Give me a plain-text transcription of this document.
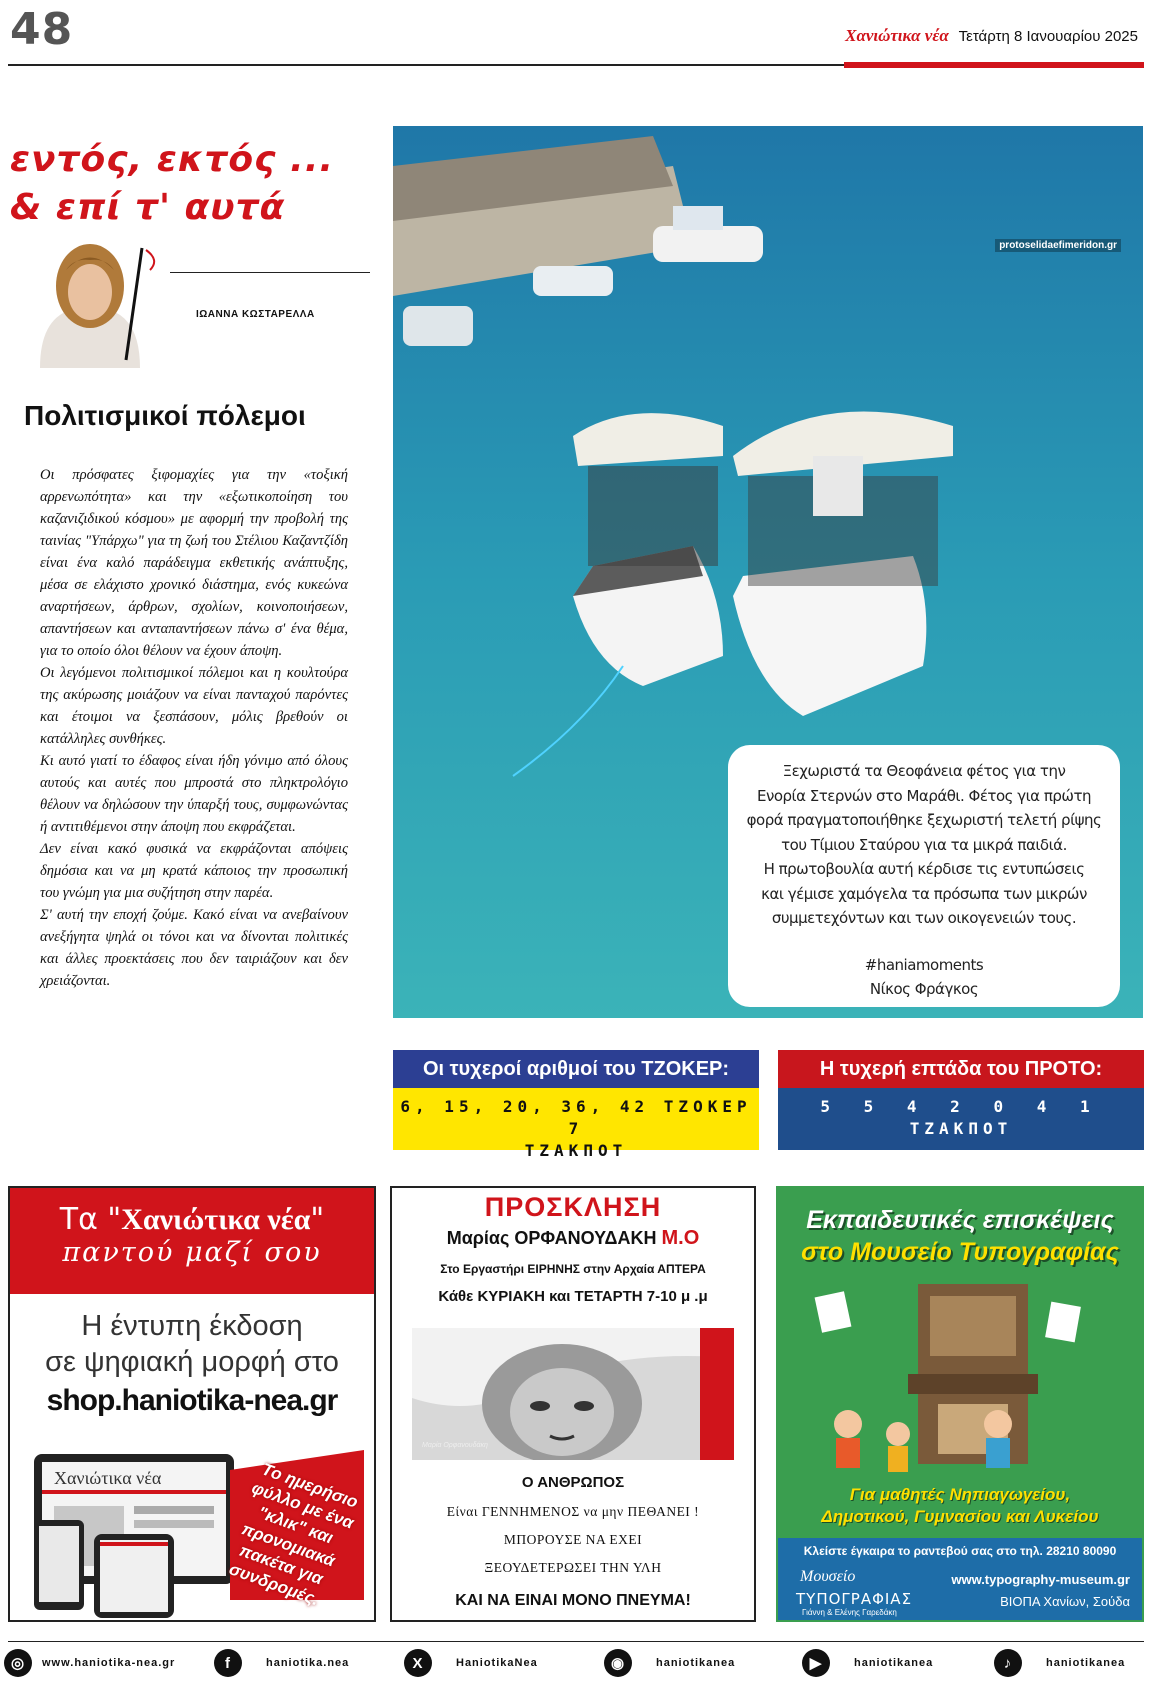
48	Χανιώτικα νέα Τετάρτη 8 Ιανουαρίου 2025
εντός, εκτός ...
& επί τ' αυτά
ΙΩΑΝΝΑ ΚΩΣΤΑΡΕΛΛΑ
Πολιτισμικοί πόλεμοι

Οι πρόσφατες ξιφομαχίες για την «τοξική αρρενωπότητα» και την «εξωτικοποίηση του καζανιζιδικού κόσμου» με αφορμή την προβολή της ταινίας "Υπάρχω" για τη ζωή του Στέλιου Καζαντζίδη είναι ένα καλό παράδειγμα εκθετικής ανάπτυξης, μέσα σε ελάχιστο χρονικό διάστημα, ενός κυκεώνα αναρτήσεων, άρθρων, σχολίων, κοινοποιήσεων, απαντήσεων και ανταπαντήσεων πάνω σ' ένα θέμα, για το οποίο όλοι θέλουν να έχουν άποψη.

Οι λεγόμενοι πολιτισμικοί πόλεμοι και η κουλτούρα της ακύρωσης μοιάζουν να είναι πανταχού παρόντες και έτοιμοι να ξεσπάσουν, μόλις βρεθούν οι κατάλληλες συνθήκες.

Κι αυτό γιατί το έδαφος είναι ήδη γόνιμο από όλους αυτούς και αυτές που μπροστά στο πληκτρολόγιο θέλουν να δηλώσουν την ύπαρξή τους, συμφωνώντας ή αντιτιθέμενοι στην άποψη που εκφράζεται.

Δεν είναι κακό φυσικά να εκφράζονται απόψεις δημόσια και να μη κρατά κάποιος την προσωπική του γνώμη για μια συζήτηση στην παρέα.

Σ' αυτή την εποχή ζούμε. Κακό είναι να ανεβαίνουν ανεξήγητα ψηλά οι τόνοι και να δίνονται πολιτικές και άλλες προεκτάσεις που δεν ταιριάζουν και δεν χρειάζονται.

protoselidaefimeridon.gr
Ξεχωριστά τα Θεοφάνεια φέτος για την
Ενορία Στερνών στο Μαράθι. Φέτος για πρώτη
φορά πραγματοποιήθηκε ξεχωριστή τελετή ρίψης
του Τίμιου Σταύρου για τα μικρά παιδιά.
Η πρωτοβουλία αυτή κέρδισε τις εντυπώσεις
και γέμισε χαμόγελα τα πρόσωπα των μικρών
συμμετεχόντων και των οικογενειών τους.
#haniamoments
Νίκος Φράγκος
Οι τυχεροί αριθμοί του ΤΖΟΚΕΡ:
6, 15, 20, 36, 42 ΤΖΟΚΕΡ 7
ΤΖΑΚΠΟΤ
Η τυχερή επτάδα του ΠΡΟΤΟ:
5 5 4 2 0 4 1
ΤΖΑΚΠΟΤ
Τα "Χανιώτικα νέα"
παντού μαζί σου
Η έντυπη έκδοση
σε ψηφιακή μορφή στο
shop.haniotika-nea.gr
Χανιώτικα νέα	Το ημερήσιο φύλλο με ένα "κλικ" και προνομιακά πακέτα για συνδρομές.
ΠΡΟΣΚΛΗΣΗ
Μαρίας ΟΡΦΑΝΟΥΔΑΚΗ Μ.Ο
Στο Εργαστήρι ΕΙΡΗΝΗΣ στην Αρχαία ΑΠΤΕΡΑ
Κάθε ΚΥΡΙΑΚΗ και ΤΕΤΑΡΤΗ 7-10 μ .μ
Μαρία Ορφανουδάκη
Ο ΑΝΘΡΩΠΟΣ
Είναι ΓΕΝΝΗΜΕΝΟΣ να μην ΠΕΘΑΝΕΙ !
ΜΠΟΡΟΥΣΕ ΝΑ ΕΧΕΙ
ΞΕΟΥΔΕΤΕΡΩΣΕΙ ΤΗΝ ΥΛΗ
ΚΑΙ ΝΑ ΕΙΝΑΙ ΜΟΝΟ ΠΝΕΥΜΑ!
Εκπαιδευτικές επισκέψεις
στο Μουσείο Τυπογραφίας
Για μαθητές Νηπιαγωγείου,
Δημοτικού, Γυμνασίου και Λυκείου
Κλείστε έγκαιρα το ραντεβού σας στο τηλ. 28210 80090
Μουσείο
ΤΥΠΟΓΡΑΦΙΑΣ
Γιάννη & Ελένης Γαρεδάκη
www.typography-museum.gr
ΒΙΟΠΑ Χανίων, Σούδα
◎	www.haniotika-nea.gr	f	haniotika.nea	X	HaniotikaNea	◉	haniotikanea	▶	haniotikanea	♪	haniotikanea
